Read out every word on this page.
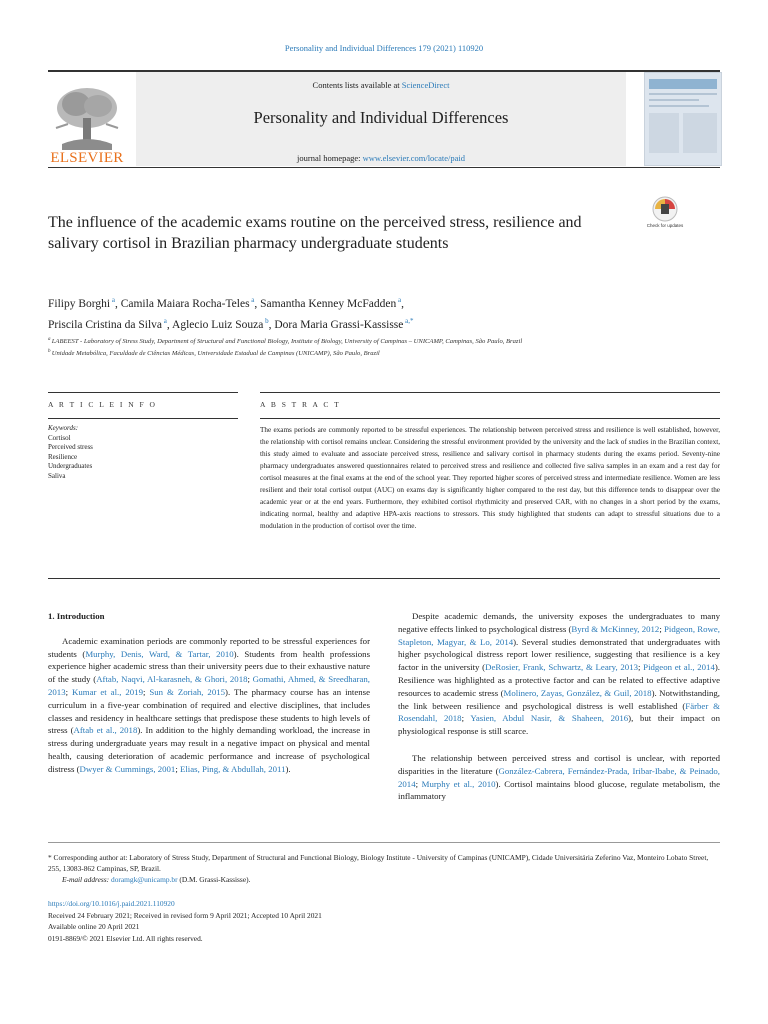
Personality and Individual Differences 179 (2021) 110920
ELSEVIER
Contents lists available at ScienceDirect
Personality and Individual Differences
journal homepage: www.elsevier.com/locate/paid
Check for updates
The influence of the academic exams routine on the perceived stress, resilience and salivary cortisol in Brazilian pharmacy undergraduate students
Filipy Borghi $^a$, Camila Maiara Rocha-Teles $^a$, Samantha Kenney McFadden $^a$,
Priscila Cristina da Silva $^a$, Aglecio Luiz Souza $^b$, Dora Maria Grassi-Kassisse $^{a,*}$
$^a$ LABEEST - Laboratory of Stress Study, Department of Structural and Functional Biology, Institute of Biology, University of Campinas – UNICAMP, Campinas, São Paulo, Brazil
$^b$ Unidade Metabólica, Faculdade de Ciências Médicas, Universidade Estadual de Campinas (UNICAMP), São Paulo, Brazil
A R T I C L E I N F O	A B S T R A C T
Keywords:
Cortisol
Perceived stress
Resilience
Undergraduates
Saliva
The exams periods are commonly reported to be stressful experiences. The relationship between perceived stress and resilience is well established, however, the relationship with cortisol remains unclear. Considering the stressful environment provided by the university and the lack of studies in the Brazilian context, this study aimed to evaluate and associate perceived stress, resilience and salivary cortisol in pharmacy students during the exams period. Seventy-nine pharmacy undergraduates answered questionnaires related to perceived stress and resilience and collected five saliva samples in an exam and a rest day for cortisol measures at the final exams at the end of the school year. They reported higher scores of perceived stress and intermediate resilience. Women are less resilient and their total cortisol output (AUC) on exams day is significantly higher compared to the rest day, but this difference tends to disappear over the academic year or at the end years. Furthermore, they exhibited cortisol rhythmicity and preserved CAR, with no changes in a short period by the exams, indicating normal, healthy and adaptive HPA-axis reactions to stressors. This study highlighted that students can adapt to stressful situations due to a modulation in the production of cortisol over the time.
1. Introduction

Academic examination periods are commonly reported to be stressful experiences for students (Murphy, Denis, Ward, & Tartar, 2010). Students from health professions experience higher academic stress than their university peers due to their exhaustive nature of the study (Aftab, Naqvi, Al-karasneh, & Ghori, 2018; Gomathi, Ahmed, & Sreedharan, 2013; Kumar et al., 2019; Sun & Zoriah, 2015). The pharmacy course has an intense curriculum in a five-year combination of required and elective disciplines, that includes classes and residency in healthcare settings that predispose these students to high levels of stress (Aftab et al., 2018). In addition to the highly demanding workload, the increase in stress during undergraduate years may result in a negative impact on physical and mental health, causing deterioration of academic performance and increase of psychological distress (Dwyer & Cummings, 2001; Elias, Ping, & Abdullah, 2011).

Despite academic demands, the university exposes the undergraduates to many negative effects linked to psychological distress (Byrd & McKinney, 2012; Pidgeon, Rowe, Stapleton, Magyar, & Lo, 2014). Several studies demonstrated that undergraduates with higher psychological distress report lower resilience, suggesting that resilience is a key factor in the university (DeRosier, Frank, Schwartz, & Leary, 2013; Pidgeon et al., 2014). Resilience was highlighted as a protective factor and can be related to effective adaptive resources to academic stress (Molinero, Zayas, González, & Guil, 2018). Notwithstanding, the link between resilience and psychological distress is well established (Färber & Rosendahl, 2018; Yasien, Abdul Nasir, & Shaheen, 2016), but their impact on physiological response is still scarce.

The relationship between perceived stress and cortisol is unclear, with reported disparities in the literature (González-Cabrera, Fernández-Prada, Iribar-Ibabe, & Peinado, 2014; Murphy et al., 2010). Cortisol maintains blood glucose, regulate metabolism, the inflammatory

* Corresponding author at: Laboratory of Stress Study, Department of Structural and Functional Biology, Biology Institute - University of Campinas (UNICAMP), Cidade Universitária Zeferino Vaz, Monteiro Lobato Street, 255, 13083-862 Campinas, SP, Brazil.

E-mail address: doramgk@unicamp.br (D.M. Grassi-Kassisse).

https://doi.org/10.1016/j.paid.2021.110920

Received 24 February 2021; Received in revised form 9 April 2021; Accepted 10 April 2021

Available online 20 April 2021

0191-8869/© 2021 Elsevier Ltd. All rights reserved.
